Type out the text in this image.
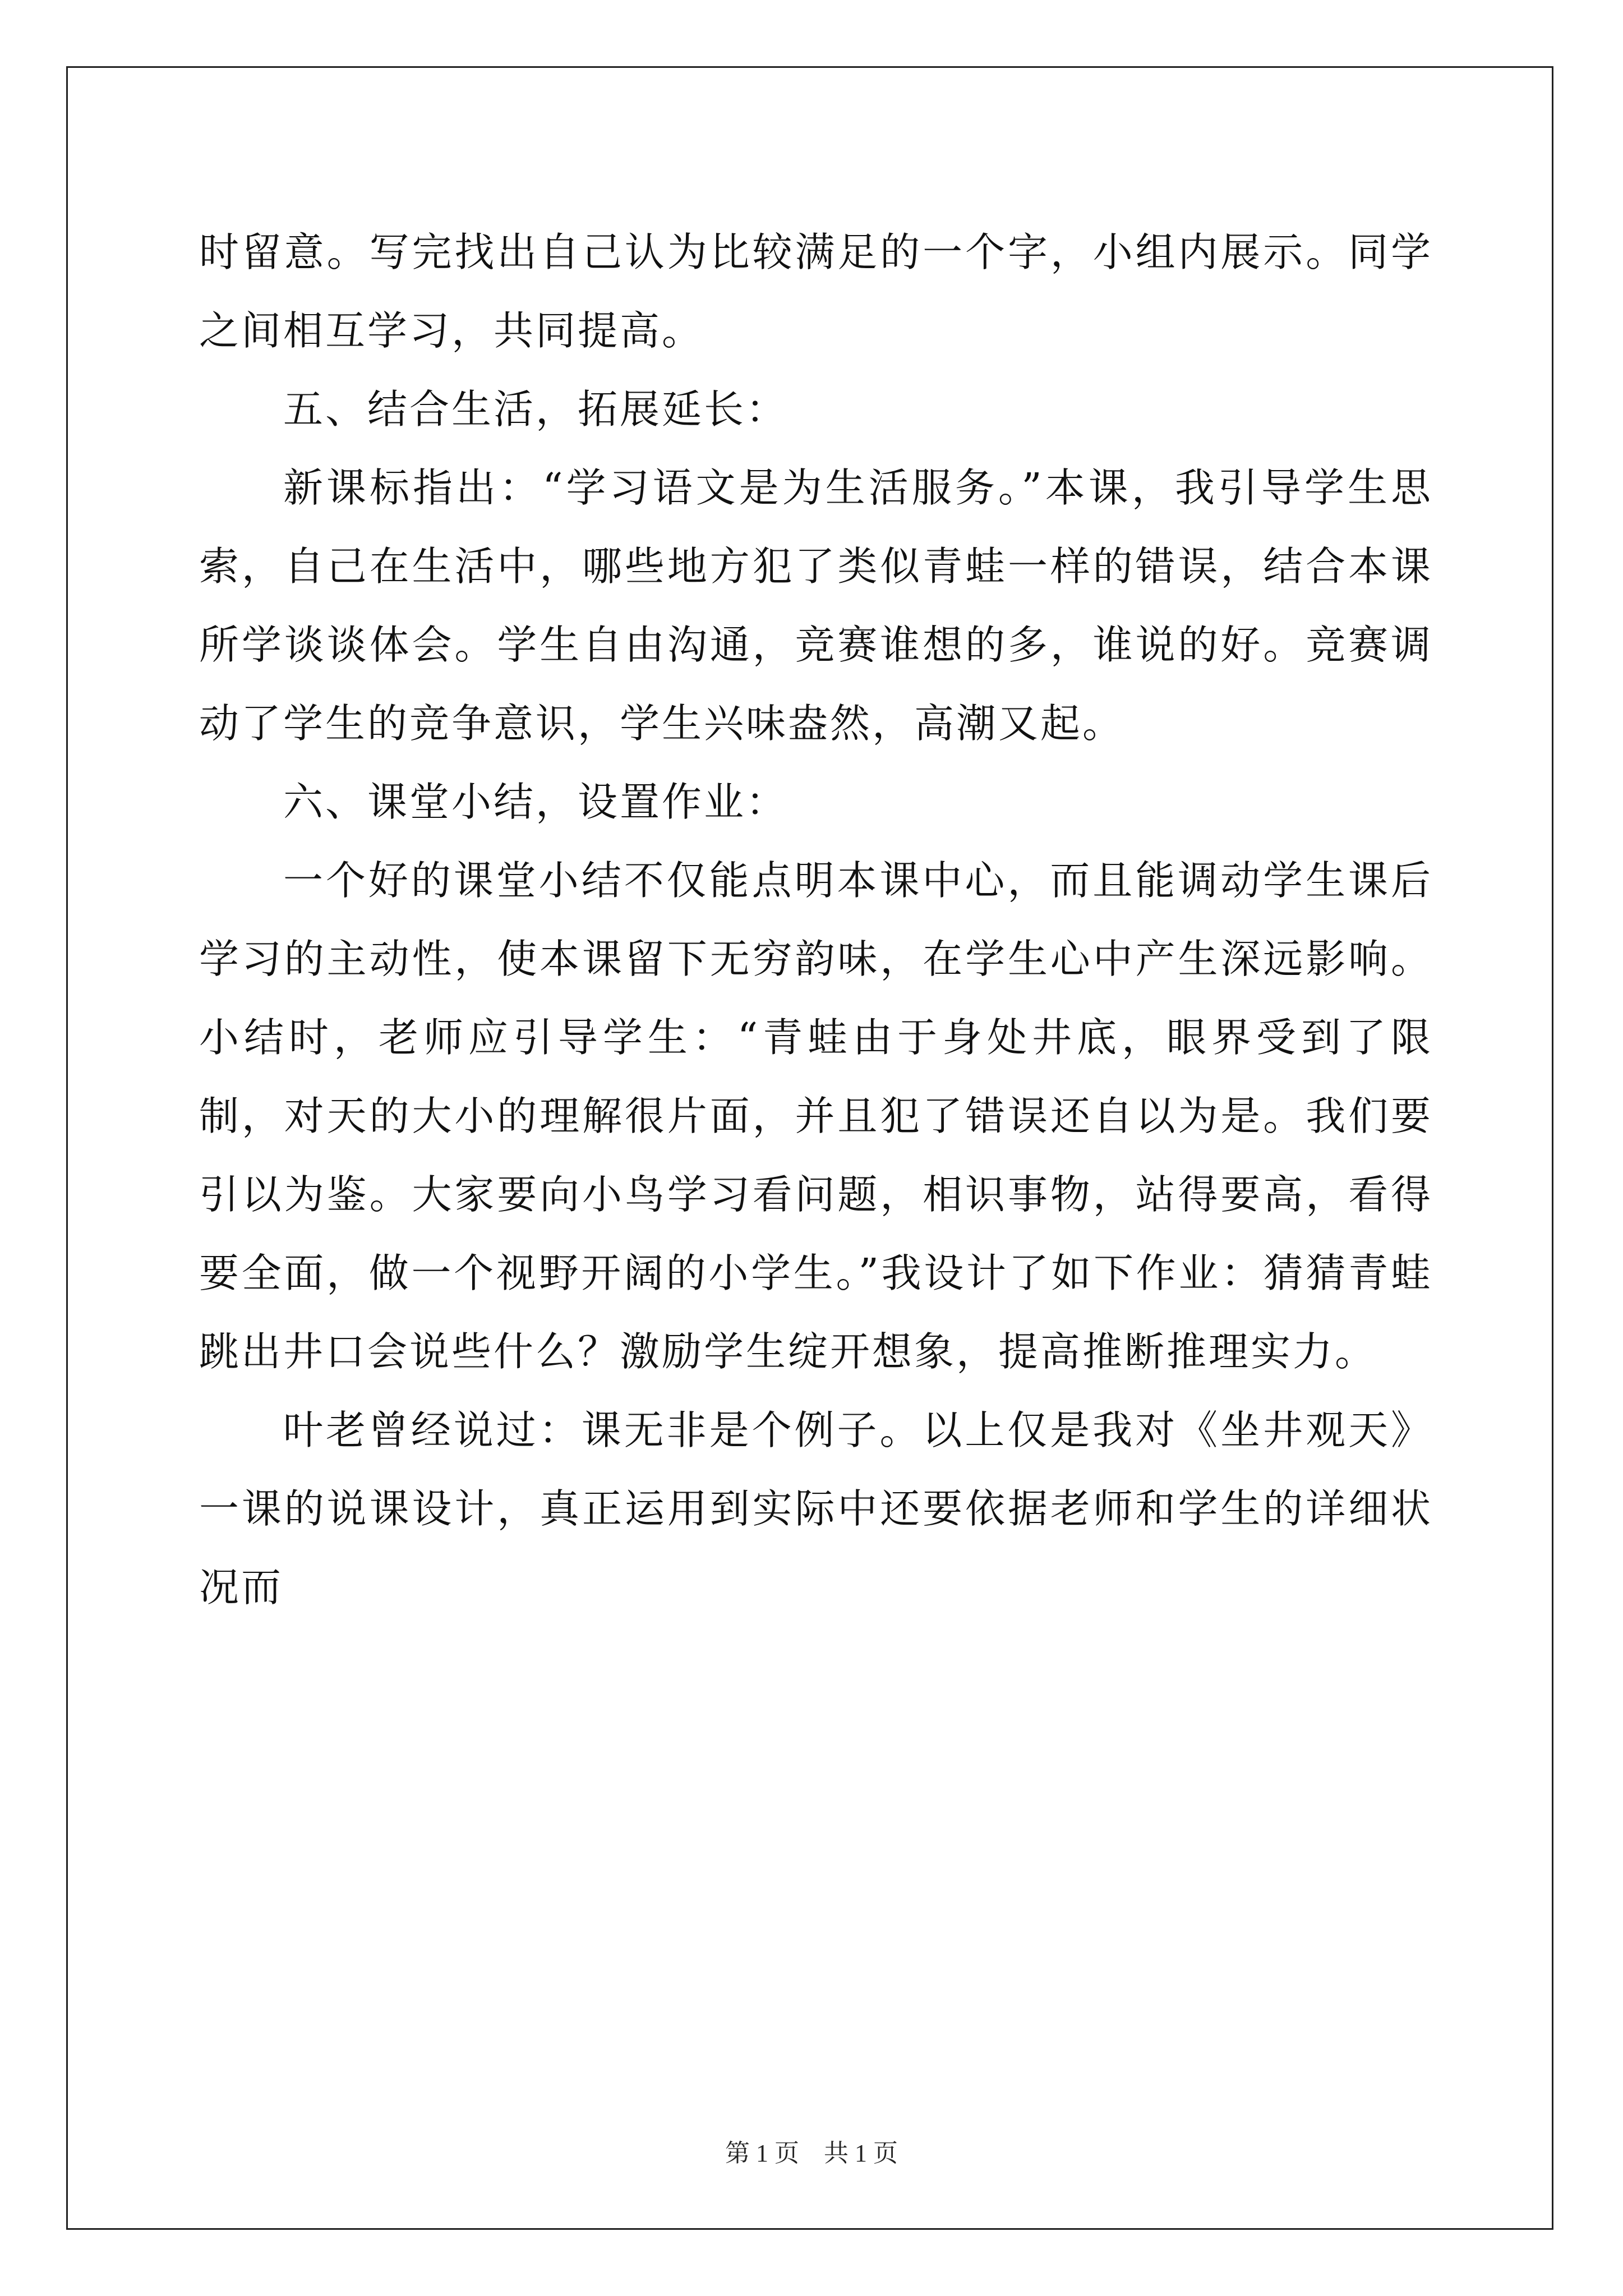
时留意。写完找出自己认为比较满足的一个字，小组内展示。同学之间相互学习，共同提高。

五、结合生活，拓展延长：

新课标指出：“学习语文是为生活服务。”本课，我引导学生思索，自己在生活中，哪些地方犯了类似青蛙一样的错误，结合本课所学谈谈体会。学生自由沟通，竞赛谁想的多，谁说的好。竞赛调动了学生的竞争意识，学生兴味盎然，高潮又起。

六、课堂小结，设置作业：

一个好的课堂小结不仅能点明本课中心，而且能调动学生课后学习的主动性，使本课留下无穷韵味，在学生心中产生深远影响。小结时，老师应引导学生：“青蛙由于身处井底，眼界受到了限制，对天的大小的理解很片面，并且犯了错误还自以为是。我们要引以为鉴。大家要向小鸟学习看问题，相识事物，站得要高，看得要全面，做一个视野开阔的小学生。”我设计了如下作业：猜猜青蛙跳出井口会说些什么？激励学生绽开想象，提高推断推理实力。

叶老曾经说过：课无非是个例子。以上仅是我对《坐井观天》一课的说课设计，真正运用到实际中还要依据老师和学生的详细状况而

第 1 页　共 1 页
